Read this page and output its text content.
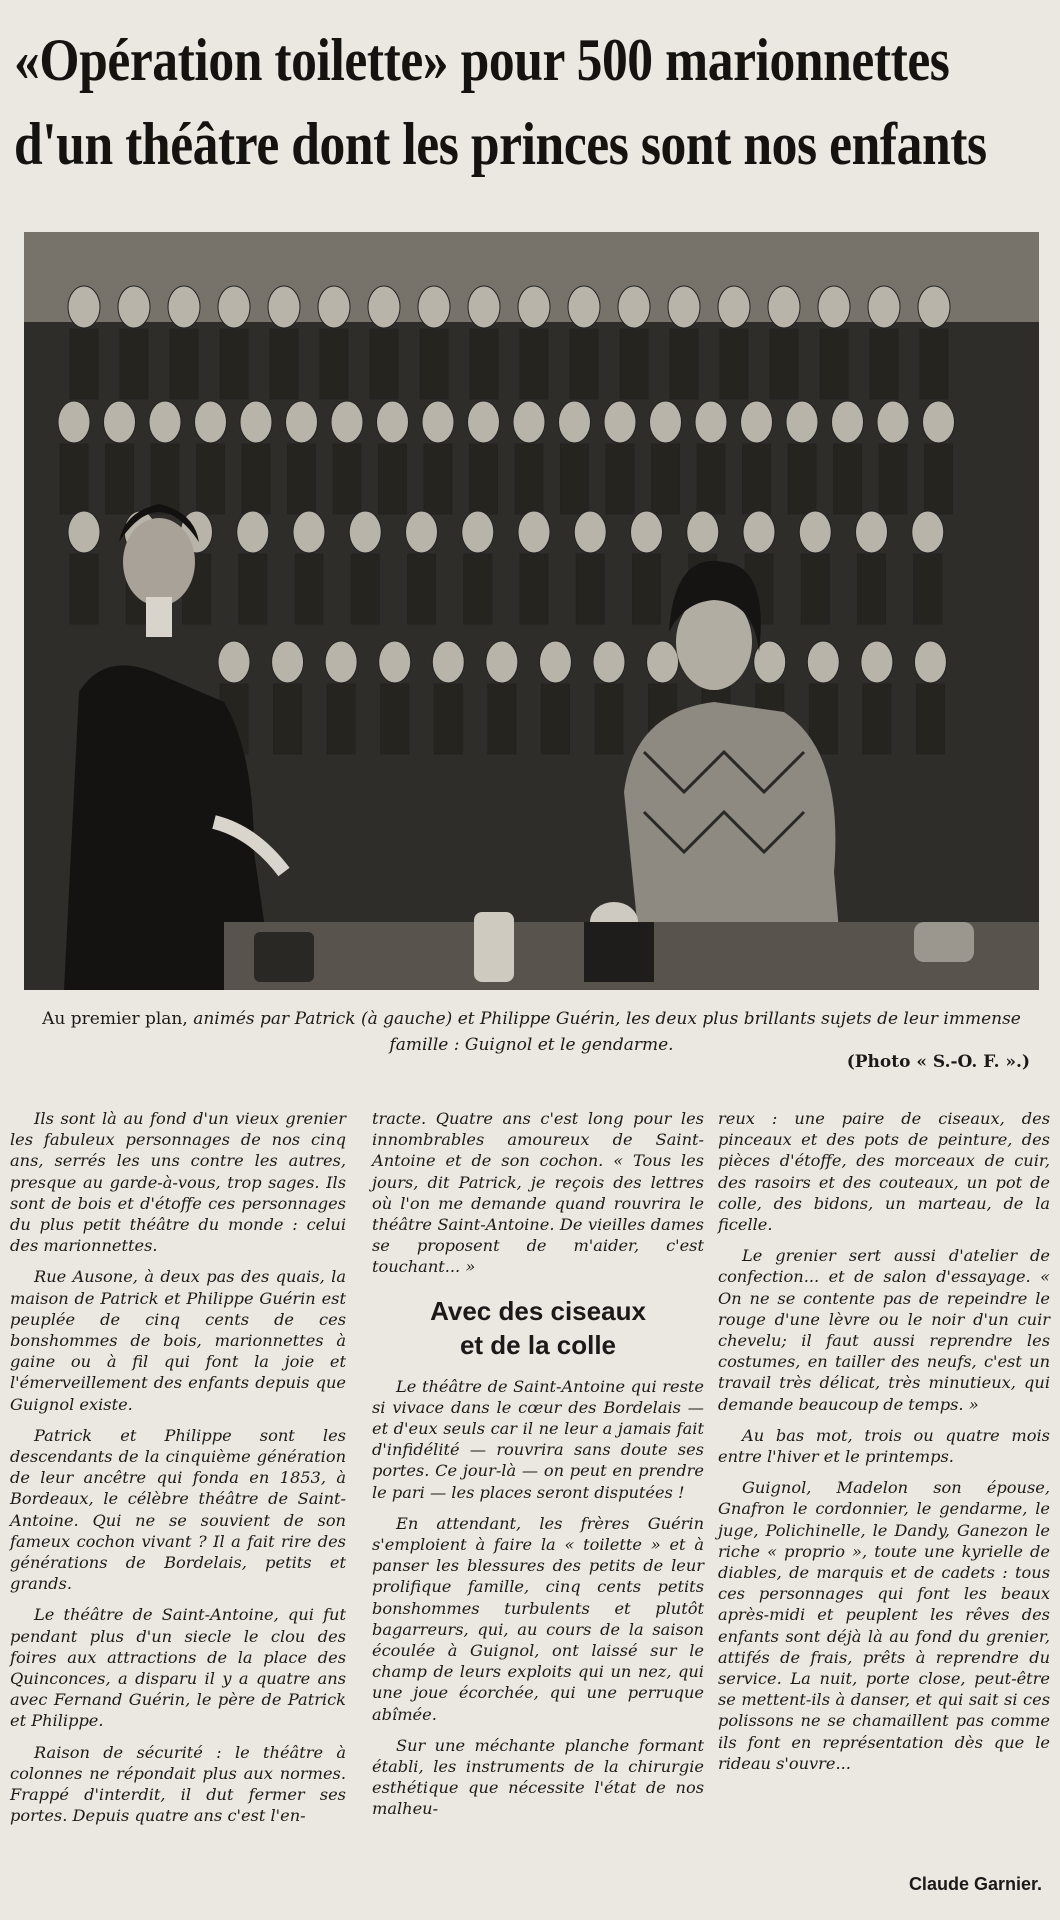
«Opération toilette» pour 500 marionnettes
d'un théâtre dont les princes sont nos enfants
Au premier plan, animés par Patrick (à gauche) et Philippe Guérin, les deux plus brillants sujets de leur immense famille : Guignol et le gendarme.
(Photo « S.-O. F. ».)

Ils sont là au fond d'un vieux grenier les fabuleux personnages de nos cinq ans, serrés les uns contre les autres, presque au garde-à-vous, trop sages. Ils sont de bois et d'étoffe ces personnages du plus petit théâtre du monde : celui des marionnettes.

Rue Ausone, à deux pas des quais, la maison de Patrick et Philippe Guérin est peuplée de cinq cents de ces bonshommes de bois, marionnettes à gaine ou à fil qui font la joie et l'émerveillement des enfants depuis que Guignol existe.

Patrick et Philippe sont les descendants de la cinquième génération de leur ancêtre qui fonda en 1853, à Bordeaux, le célèbre théâtre de Saint-Antoine. Qui ne se souvient de son fameux cochon vivant ? Il a fait rire des générations de Bordelais, petits et grands.

Le théâtre de Saint-Antoine, qui fut pendant plus d'un siecle le clou des foires aux attractions de la place des Quinconces, a disparu il y a quatre ans avec Fernand Guérin, le père de Patrick et Philippe.

Raison de sécurité : le théâtre à colonnes ne répondait plus aux normes. Frappé d'interdit, il dut fermer ses portes. Depuis quatre ans c'est l'en-

tracte. Quatre ans c'est long pour les innombrables amoureux de Saint-Antoine et de son cochon. « Tous les jours, dit Patrick, je reçois des lettres où l'on me demande quand rouvrira le théâtre Saint-Antoine. De vieilles dames se proposent de m'aider, c'est touchant... »

Avec des ciseaux
et de la colle

Le théâtre de Saint-Antoine qui reste si vivace dans le cœur des Bordelais — et d'eux seuls car il ne leur a jamais fait d'infidélité — rouvrira sans doute ses portes. Ce jour-là — on peut en prendre le pari — les places seront disputées !

En attendant, les frères Guérin s'emploient à faire la « toilette » et à panser les blessures des petits de leur prolifique famille, cinq cents petits bonshommes turbulents et plutôt bagarreurs, qui, au cours de la saison écoulée à Guignol, ont laissé sur le champ de leurs exploits qui un nez, qui une joue écorchée, qui une perruque abîmée.

Sur une méchante planche formant établi, les instruments de la chirurgie esthétique que nécessite l'état de nos malheu-

reux : une paire de ciseaux, des pinceaux et des pots de peinture, des pièces d'étoffe, des morceaux de cuir, des rasoirs et des couteaux, un pot de colle, des bidons, un marteau, de la ficelle.

Le grenier sert aussi d'atelier de confection... et de salon d'essayage. « On ne se contente pas de repeindre le rouge d'une lèvre ou le noir d'un cuir chevelu; il faut aussi reprendre les costumes, en tailler des neufs, c'est un travail très délicat, très minutieux, qui demande beaucoup de temps. »

Au bas mot, trois ou quatre mois entre l'hiver et le printemps.

Guignol, Madelon son épouse, Gnafron le cordonnier, le gendarme, le juge, Polichinelle, le Dandy, Ganezon le riche « proprio », toute une kyrielle de diables, de marquis et de cadets : tous ces personnages qui font les beaux après-midi et peuplent les rêves des enfants sont déjà là au fond du grenier, attifés de frais, prêts à reprendre du service. La nuit, porte close, peut-être se mettent-ils à danser, et qui sait si ces polissons ne se chamaillent pas comme ils font en représentation dès que le rideau s'ouvre...

Claude Garnier.
